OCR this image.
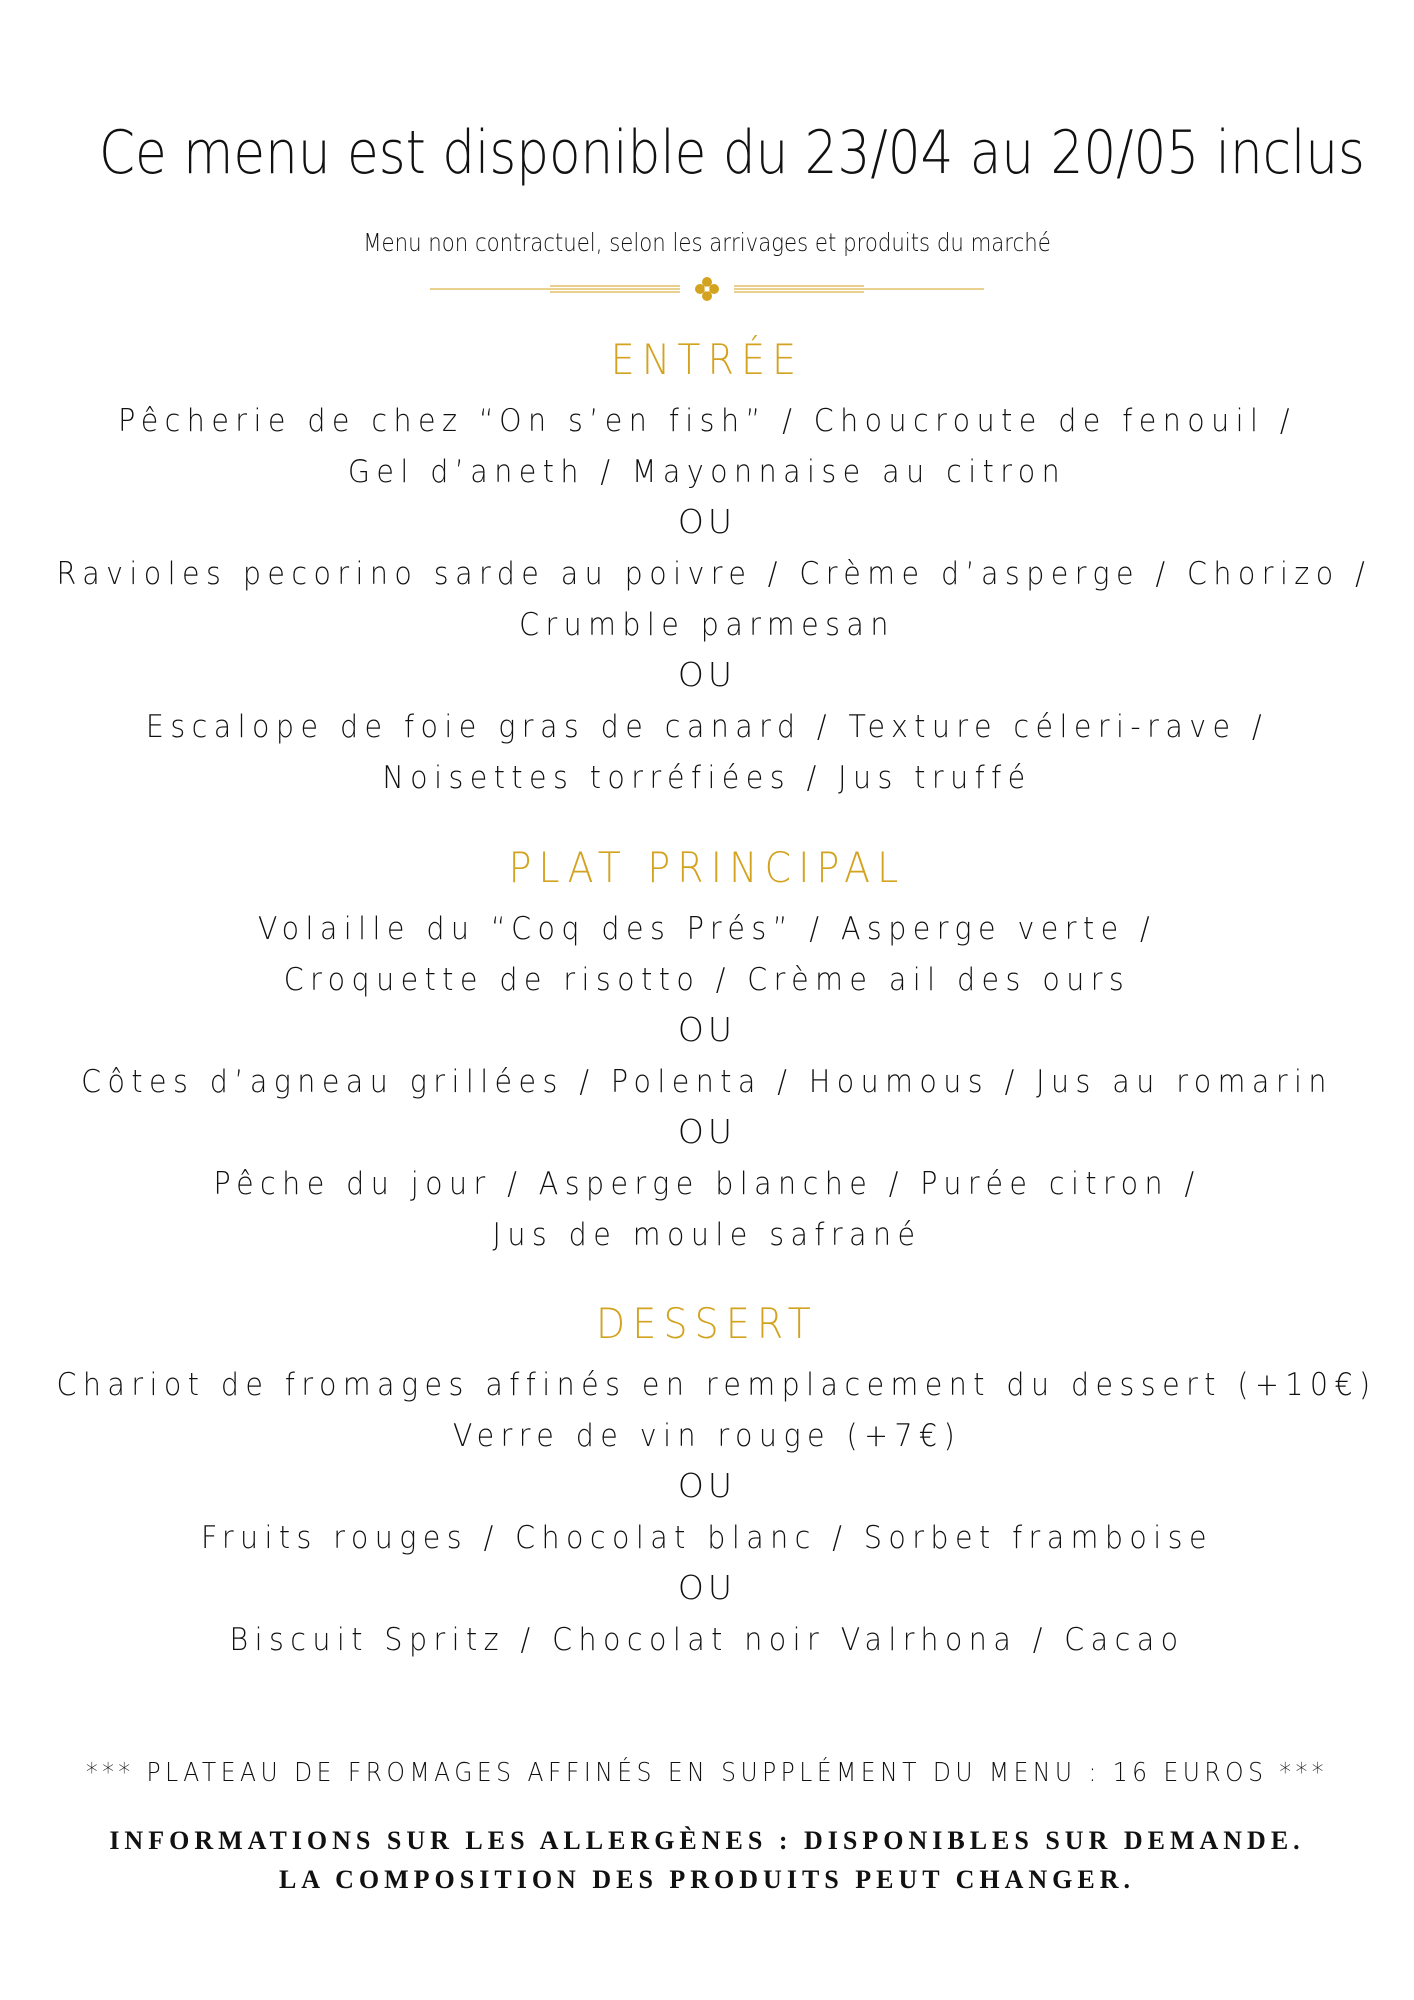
Ce menu est disponible du 23/04 au 20/05 inclus
Menu non contractuel, selon les arrivages et produits du marché
ENTRÉE
Pêcherie de chez “On s’en fish” / Choucroute de fenouil /
Gel d’aneth / Mayonnaise au citron
OU
Ravioles pecorino sarde au poivre / Crème d’asperge / Chorizo /
Crumble parmesan
OU
Escalope de foie gras de canard / Texture céleri-rave /
Noisettes torréfiées / Jus truffé
PLAT PRINCIPAL
Volaille du “Coq des Prés” / Asperge verte /
Croquette de risotto / Crème ail des ours
OU
Côtes d’agneau grillées / Polenta / Houmous / Jus au romarin
OU
Pêche du jour / Asperge blanche / Purée citron /
Jus de moule safrané
DESSERT
Chariot de fromages affinés en remplacement du dessert (+10€)
Verre de vin rouge (+7€)
OU
Fruits rouges / Chocolat blanc / Sorbet framboise
OU
Biscuit Spritz / Chocolat noir Valrhona / Cacao
*** PLATEAU DE FROMAGES AFFINÉS EN SUPPLÉMENT DU MENU : 16 EUROS ***
INFORMATIONS SUR LES ALLERGÈNES : DISPONIBLES SUR DEMANDE.
LA COMPOSITION DES PRODUITS PEUT CHANGER.
